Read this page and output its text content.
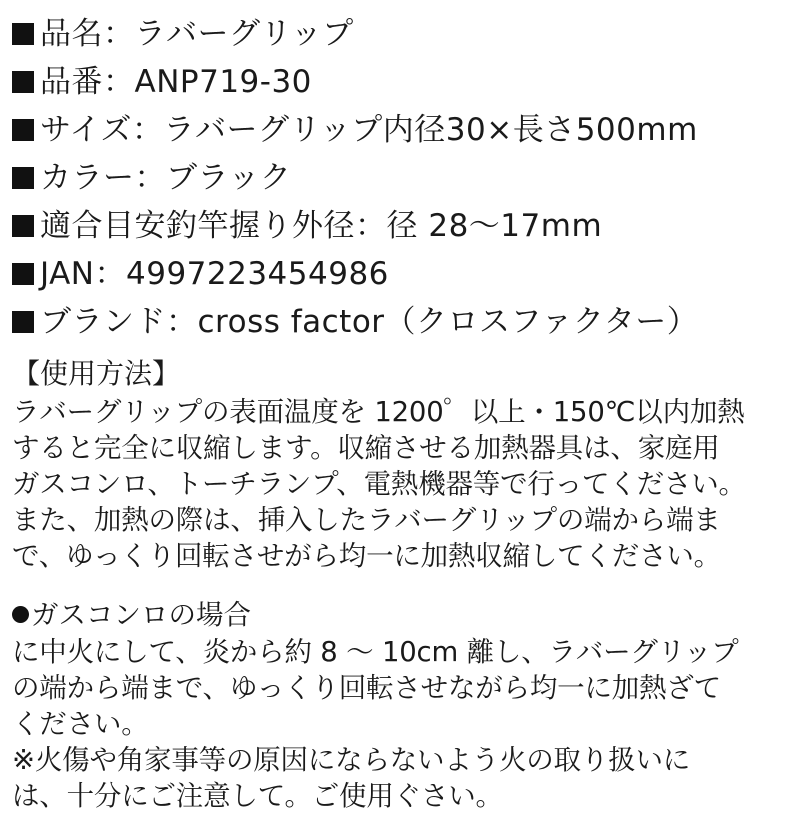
品名：ラバーグリップ
品番：ANP719-30
サイズ：ラバーグリップ内径30×長さ500mm
カラー：ブラック
適合目安釣竿握り外径：径 28〜17mm
JAN：4997223454986
ブランド：cross factor（クロスファクター）
【使用方法】
ラバーグリップの表面温度を 1200゜以上・150℃以内加熱
すると完全に収縮します。収縮させる加熱器具は、家庭用
ガスコンロ、トーチランプ、電熱機器等で行ってください。
また、加熱の際は、挿入したラバーグリップの端から端ま
で、ゆっくり回転させがら均一に加熱収縮してください。
ガスコンロの場合
に中火にして、炎から約 8 〜 10cm 離し、ラバーグリップ
の端から端まで、ゆっくり回転させながら均一に加熱ざて
ください。
※火傷や角家事等の原因にならないよう火の取り扱いに
は、十分にご注意して。ご使用ぐさい。
